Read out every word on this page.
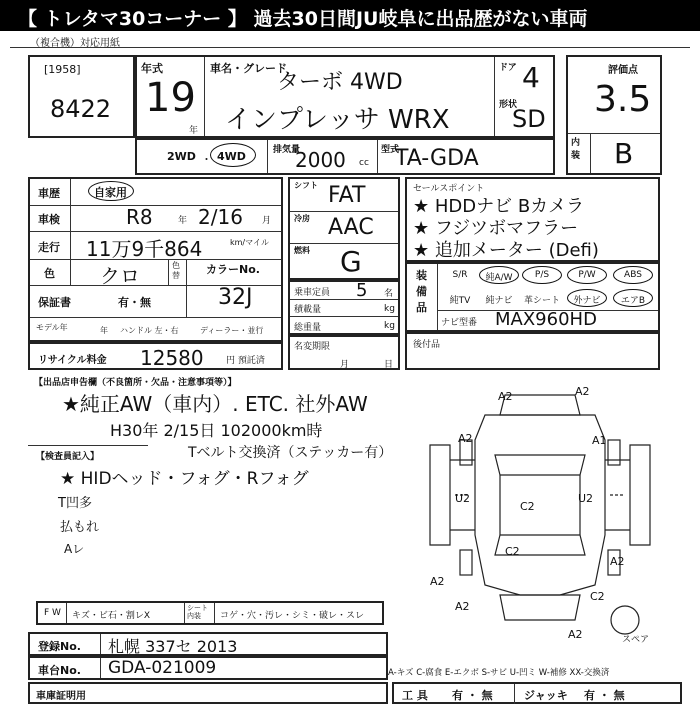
【 トレタマ30コーナー 】 過去30日間JU岐阜に出品歴がない車両
（複合機）対応用紙
[1958]
8422
年式
19
年
車名・グレード
ターボ 4WD
インプレッサ WRX
ドア 4
形状
SD
評価点
3.5
内装 B
2WD ・ 4WD	排気量
2000 cc
型式
TA-GDA
車歴	自家用
車検	R8	年 2/16 月
走行 11万9千864	km/マイル
色 クロ	色替 カラーNo.
32J
保証書	有・無
モデル年	年 ハンドル 左・右	ディーラー・並行
リサイクル料金 12580 円 預託済
シフト FAT
冷房 AAC
燃料 G
乗車定員 5 名
積載量	kg
総重量	kg
名変期限
月	日
セールスポイント
★ HDDナビ Bカメラ
★ フジツボマフラー
★ 追加メーター (Defi)
装備品
S/R	純A/W	P/S	P/W	ABS
純TV	純ナビ	革シート	外ナビ	エアB
ナビ型番 MAX960HD
後付品
【出品店申告欄（不良箇所・欠品・注意事項等）】
★純正AW（車内）. ETC. 社外AW
H30年 2/15日 102000km時
Tベルト交換済（ステッカー有）
【検査員記入】
★ HIDヘッド・フォグ・Rフォグ
T凹多
払もれ
Aレ
A2	A2
A2	A1
U2	U2
C2
C2
A2
A2
C2
A2
A2	スペア
F W キズ・ビ石・割レX
シート内装	コゲ・穴・汚レ・シミ・破レ・スレ
登録No. 札幌 337セ 2013
車台No. GDA-021009	A-キズ C-腐食 E-エクボ S-サビ U-凹ミ W-補修 XX-交換済
車庫証明用	工 具 有 ・ 無	ジャッキ 有 ・ 無
